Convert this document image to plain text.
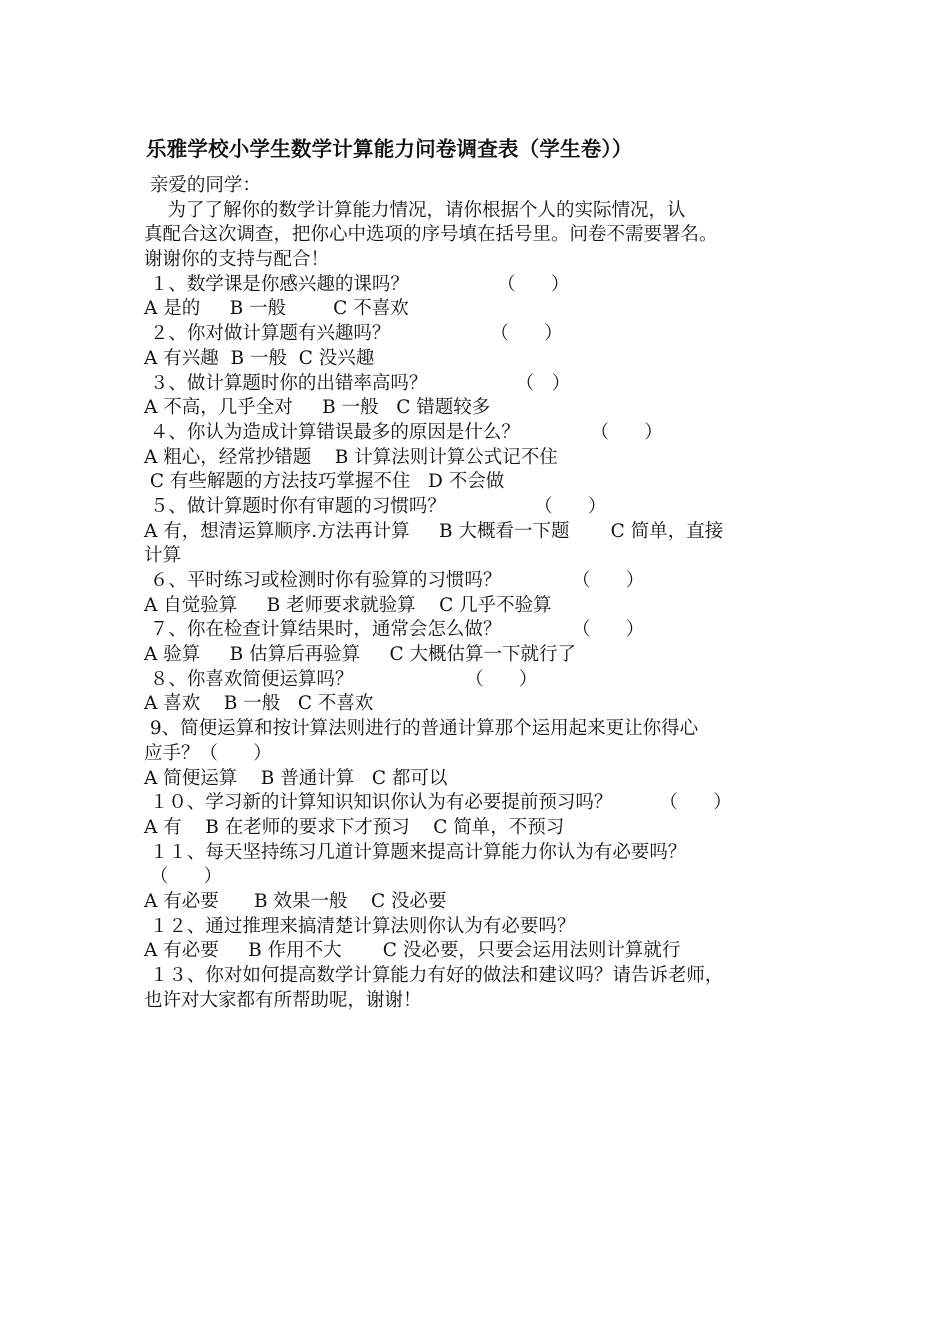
乐雅学校小学生数学计算能力问卷调查表（学生卷））
亲爱的同学：
为了了解你的数学计算能力情况，请你根据个人的实际情况，认
真配合这次调查，把你心中选项的序号填在括号里。问卷不需要署名。
谢谢你的支持与配合！
１、数学课是你感兴趣的课吗？               （      ）
A 是的     B 一般        C 不喜欢
２、你对做计算题有兴趣吗？                 （      ）
A 有兴趣  B 一般  C 没兴趣
３、做计算题时你的出错率高吗？               （   ）
A 不高，几乎全对     B 一般   C 错题较多
４、你认为造成计算错误最多的原因是什么？            （      ）
A 粗心，经常抄错题    B 计算法则计算公式记不住
C 有些解题的方法技巧掌握不住   D 不会做
５、做计算题时你有审题的习惯吗？               （      ）
A 有，想清运算顺序.方法再计算     B 大概看一下题       C 简单，直接
计算
６、平时练习或检测时你有验算的习惯吗？            （      ）
A 自觉验算     B 老师要求就验算    C 几乎不验算
７、你在检查计算结果时，通常会怎么做？            （      ）
A 验算     B 估算后再验算     C 大概估算一下就行了
８、你喜欢简便运算吗？                   （      ）
A 喜欢    B 一般   C 不喜欢
9、简便运算和按计算法则进行的普通计算那个运用起来更让你得心
应手？（      ）
A 简便运算    B 普通计算   C 都可以
１０、学习新的计算知识知识你认为有必要提前预习吗？        （      ）
A 有    B 在老师的要求下才预习    C 简单，不预习
１１、每天坚持练习几道计算题来提高计算能力你认为有必要吗？
（      ）
A 有必要      B 效果一般    C 没必要
１２、通过推理来搞清楚计算法则你认为有必要吗？
A 有必要     B 作用不大       C 没必要，只要会运用法则计算就行
１３、你对如何提高数学计算能力有好的做法和建议吗？请告诉老师，
也许对大家都有所帮助呢，谢谢！
